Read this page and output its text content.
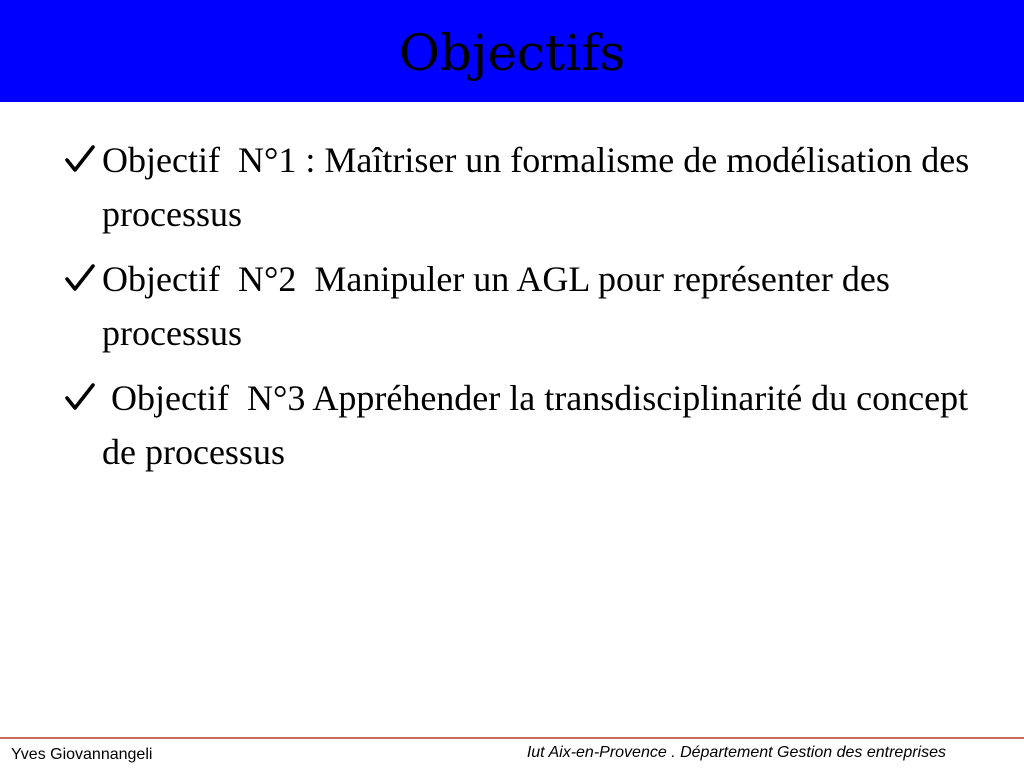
Objectifs
Objectif  N°1 : Maîtriser un formalisme de modélisation des processus
Objectif  N°2  Manipuler un AGL pour représenter des processus
Objectif  N°3 Appréhender la transdisciplinarité du concept de processus
Yves Giovannangeli	Iut Aix-en-Provence . Département Gestion des entreprises
